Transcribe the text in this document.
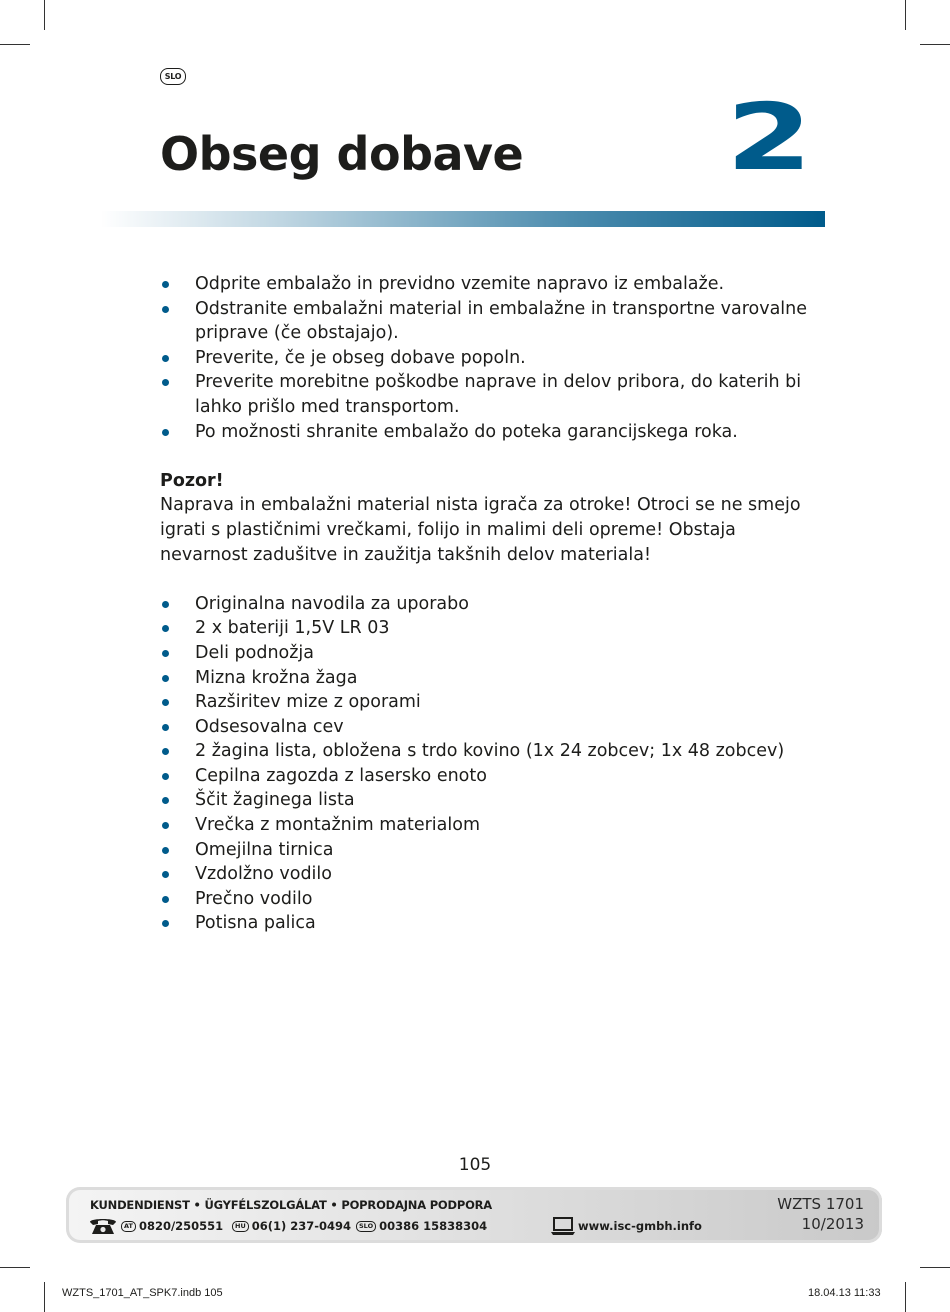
SLO
Obseg dobave 2
Odprite embalažo in previdno vzemite napravo iz embalaže.
Odstranite embalažni material in embalažne in transportne varovalne priprave (če obstajajo).
Preverite, če je obseg dobave popoln.
Preverite morebitne poškodbe naprave in delov pribora, do katerih bi lahko prišlo med transportom.
Po možnosti shranite embalažo do poteka garancijskega roka.
Pozor!

Naprava in embalažni material nista igrača za otroke! Otroci se ne smejo igrati s plastičnimi vrečkami, folijo in malimi deli opreme! Obstaja nevarnost zadušitve in zaužitja takšnih delov materiala!

Originalna navodila za uporabo
2 x bateriji 1,5V LR 03
Deli podnožja
Mizna krožna žaga
Razširitev mize z oporami
Odsesovalna cev
2 žagina lista, obložena s trdo kovino (1x 24 zobcev; 1x 48 zobcev)
Cepilna zagozda z lasersko enoto
Ščit žaginega lista
Vrečka z montažnim materialom
Omejilna tirnica
Vzdolžno vodilo
Prečno vodilo
Potisna palica
105
KUNDENDIENST • ÜGYFÉLSZOLGÁLAT • POPRODAJNA PODPORA
AT 0820/250551	HU 06(1) 237-0494	SLO 00386 15838304	www.isc-gmbh.info
WZTS 1701
10/2013
WZTS_1701_AT_SPK7.indb 105	18.04.13 11:33
